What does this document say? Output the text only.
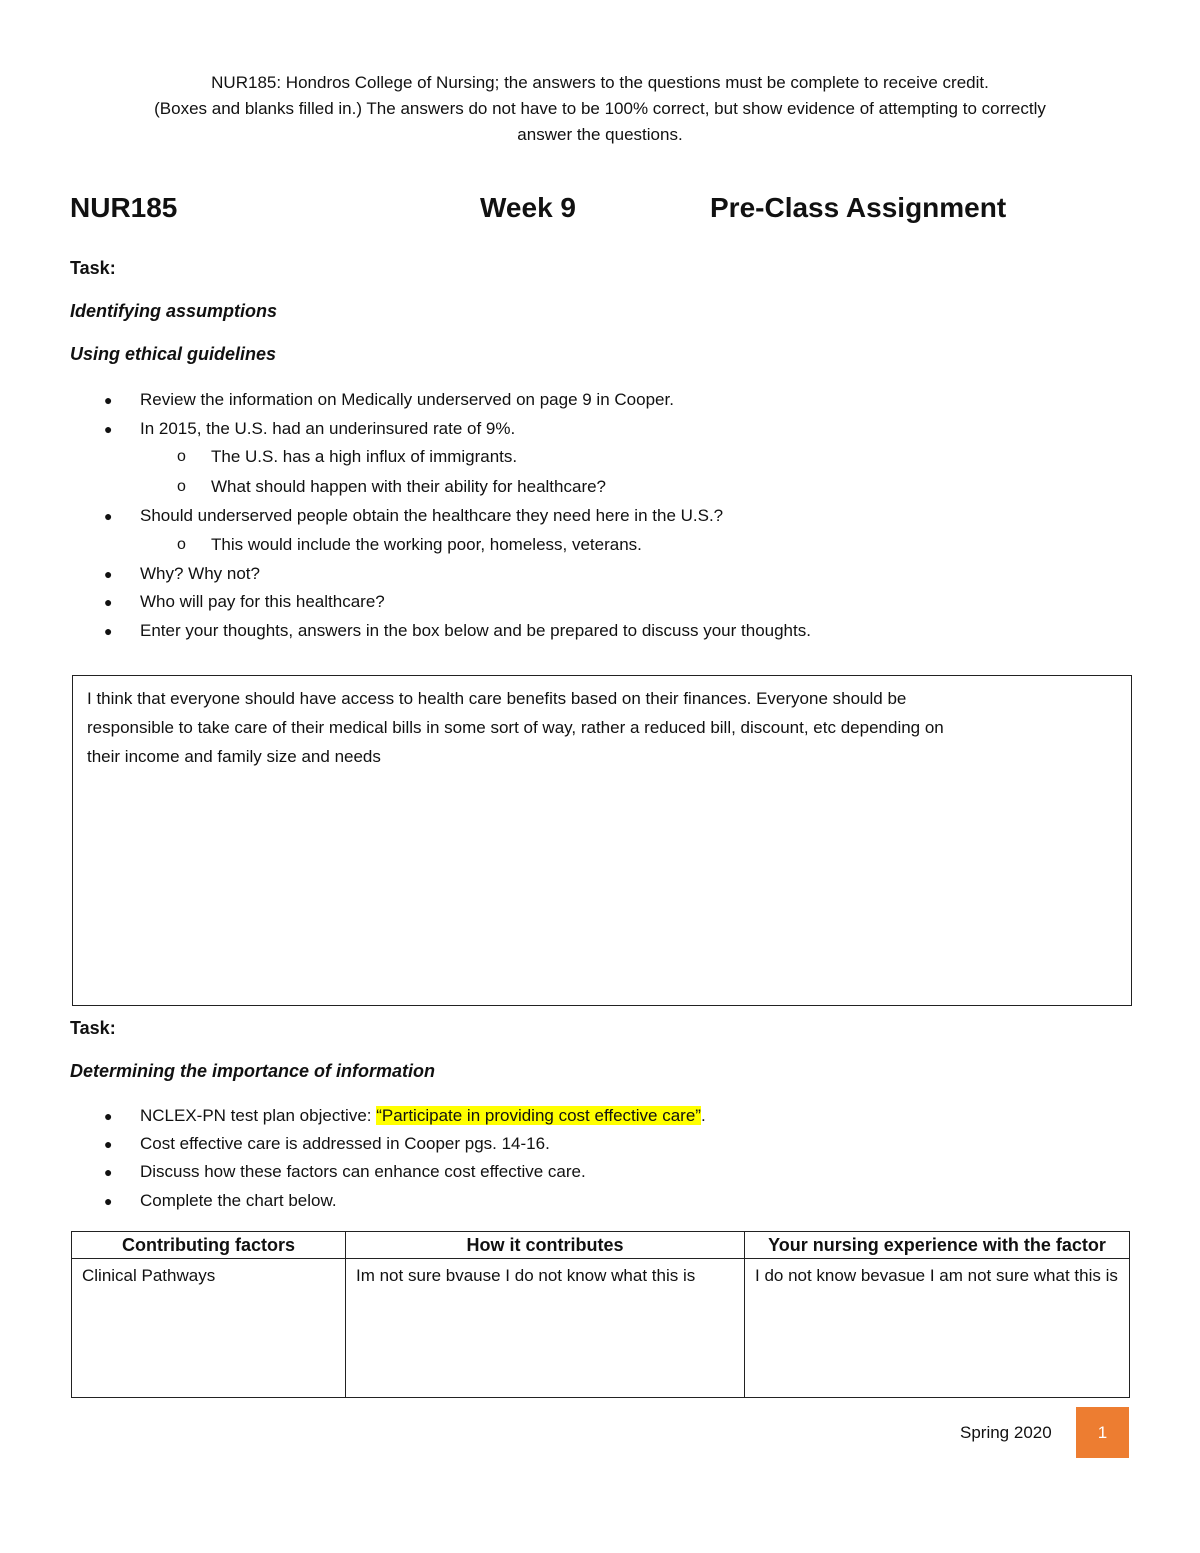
NUR185: Hondros College of Nursing; the answers to the questions must be complete to receive credit.
(Boxes and blanks filled in.) The answers do not have to be 100% correct, but show evidence of attempting to correctly
answer the questions.
NUR185	Week 9	Pre-Class Assignment
Task:
Identifying assumptions
Using ethical guidelines
● Review the information on Medically underserved on page 9 in Cooper.
● In 2015, the U.S. had an underinsured rate of 9%.
o The U.S. has a high influx of immigrants.
o What should happen with their ability for healthcare?
● Should underserved people obtain the healthcare they need here in the U.S.?
o This would include the working poor, homeless, veterans.
● Why? Why not?
● Who will pay for this healthcare?
● Enter your thoughts, answers in the box below and be prepared to discuss your thoughts.
I think that everyone should have access to health care benefits based on their finances. Everyone should be
responsible to take care of their medical bills in some sort of way, rather a reduced bill, discount, etc depending on
their income and family size and needs
Task:
Determining the importance of information
● NCLEX-PN test plan objective: “Participate in providing cost effective care”.
● Cost effective care is addressed in Cooper pgs. 14-16.
● Discuss how these factors can enhance cost effective care.
● Complete the chart below.
Contributing factors	How it contributes	Your nursing experience with the factor
Clinical Pathways	Im not sure bvause I do not know what this is	I do not know bevasue I am not sure what this is
Spring 2020	1
